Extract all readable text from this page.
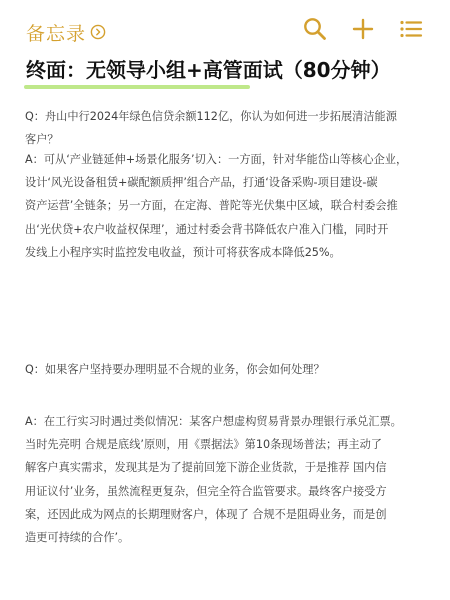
备忘录
终面：无领导小组+高管面试（80分钟）
Q：舟山中行2024年绿色信贷余额112亿，你认为如何进一步拓展清洁能源
客户？
A：可从‘产业链延伸+场景化服务’切入：一方面，针对华能岱山等核心企业，
设计‘风光设备租赁+碳配额质押’组合产品，打通‘设备采购-项目建设-碳
资产运营’全链条；另一方面，在定海、普陀等光伏集中区域，联合村委会推
出‘光伏贷+农户收益权保理’，通过村委会背书降低农户准入门槛，同时开
发线上小程序实时监控发电收益，预计可将获客成本降低25%。
Q：如果客户坚持要办理明显不合规的业务，你会如何处理？
A：在工行实习时遇过类似情况：某客户想虚构贸易背景办理银行承兑汇票。
当时先亮明 合规是底线’原则，用《票据法》第10条现场普法；再主动了
解客户真实需求，发现其是为了提前回笼下游企业货款，于是推荐 国内信
用证议付’业务，虽然流程更复杂，但完全符合监管要求。最终客户接受方
案，还因此成为网点的长期理财客户，体现了 合规不是阻碍业务，而是创
造更可持续的合作’。
